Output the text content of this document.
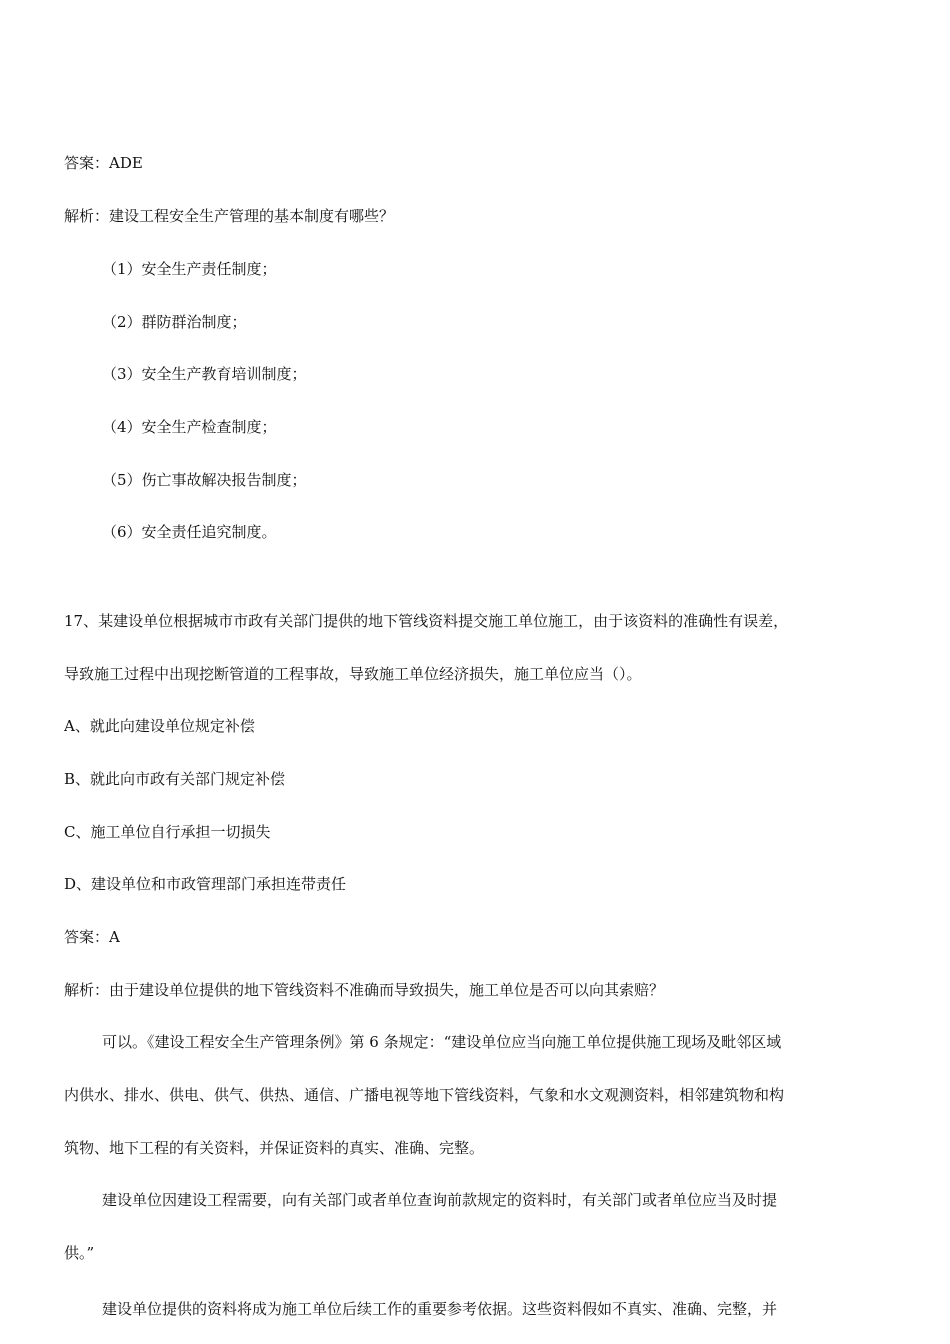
答案：ADE
解析：建设工程安全生产管理的基本制度有哪些？
（1）安全生产责任制度；
（2）群防群治制度；
（3）安全生产教育培训制度；
（4）安全生产检查制度；
（5）伤亡事故解决报告制度；
（6）安全责任追究制度。
17、某建设单位根据城市市政有关部门提供的地下管线资料提交施工单位施工，由于该资料的准确性有误差，
导致施工过程中出现挖断管道的工程事故，导致施工单位经济损失，施工单位应当（）。
A、就此向建设单位规定补偿
B、就此向市政有关部门规定补偿
C、施工单位自行承担一切损失
D、建设单位和市政管理部门承担连带责任
答案：A
解析：由于建设单位提供的地下管线资料不准确而导致损失，施工单位是否可以向其索赔？
可以。《建设工程安全生产管理条例》第 6 条规定：“建设单位应当向施工单位提供施工现场及毗邻区域
内供水、排水、供电、供气、供热、通信、广播电视等地下管线资料，气象和水文观测资料，相邻建筑物和构
筑物、地下工程的有关资料，并保证资料的真实、准确、完整。
建设单位因建设工程需要，向有关部门或者单位查询前款规定的资料时，有关部门或者单位应当及时提
供。”
建设单位提供的资料将成为施工单位后续工作的重要参考依据。这些资料假如不真实、准确、完整，并
